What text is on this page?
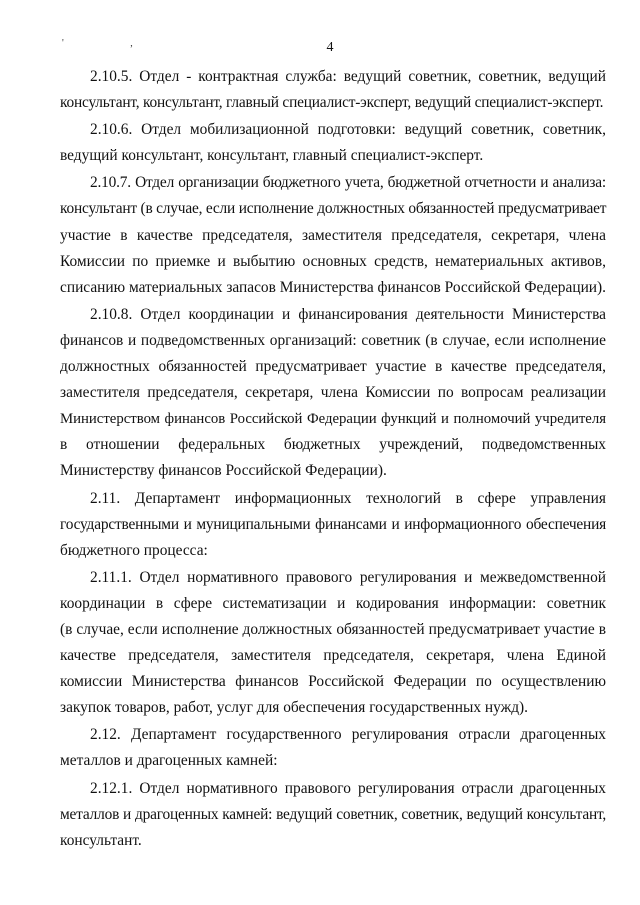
' ,	4
2.10.5. Отдел - контрактная служба: ведущий советник, советник, ведущий
консультант, консультант, главный специалист-эксперт, ведущий специалист-эксперт.
2.10.6. Отдел мобилизационной подготовки: ведущий советник, советник,
ведущий консультант, консультант, главный специалист-эксперт.
2.10.7. Отдел организации бюджетного учета, бюджетной отчетности и анализа:
консультант (в случае, если исполнение должностных обязанностей предусматривает
участие в качестве председателя, заместителя председателя, секретаря, члена
Комиссии по приемке и выбытию основных средств, нематериальных активов,
списанию материальных запасов Министерства финансов Российской Федерации).
2.10.8. Отдел координации и финансирования деятельности Министерства
финансов и подведомственных организаций: советник (в случае, если исполнение
должностных обязанностей предусматривает участие в качестве председателя,
заместителя председателя, секретаря, члена Комиссии по вопросам реализации
Министерством финансов Российской Федерации функций и полномочий учредителя
в отношении федеральных бюджетных учреждений, подведомственных
Министерству финансов Российской Федерации).
2.11. Департамент информационных технологий в сфере управления
государственными и муниципальными финансами и информационного обеспечения
бюджетного процесса:
2.11.1. Отдел нормативного правового регулирования и межведомственной
координации в сфере систематизации и кодирования информации: советник
(в случае, если исполнение должностных обязанностей предусматривает участие в
качестве председателя, заместителя председателя, секретаря, члена Единой
комиссии Министерства финансов Российской Федерации по осуществлению
закупок товаров, работ, услуг для обеспечения государственных нужд).
2.12. Департамент государственного регулирования отрасли драгоценных
металлов и драгоценных камней:
2.12.1. Отдел нормативного правового регулирования отрасли драгоценных
металлов и драгоценных камней: ведущий советник, советник, ведущий консультант,
консультант.
